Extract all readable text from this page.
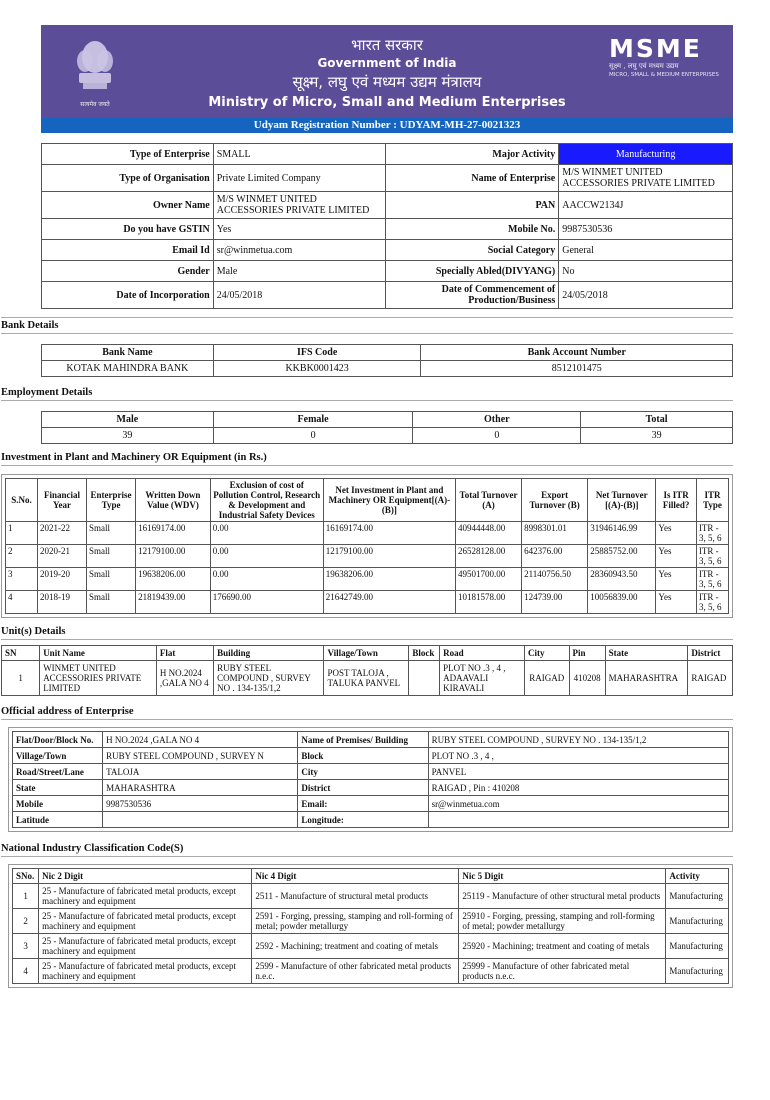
सत्यमेव जयते
भारत सरकार
Government of India
सूक्ष्म, लघु एवं मध्यम उद्यम मंत्रालय
Ministry of Micro, Small and Medium Enterprises
MSME
सूक्ष्म , लघु एवं मध्यम उद्यम
MICRO, SMALL & MEDIUM ENTERPRISES
Udyam Registration Number : UDYAM-MH-27-0021323
Type of Enterprise	SMALL	Major Activity	Manufacturing
Type of Organisation	Private Limited Company	Name of Enterprise	M/S WINMET UNITED ACCESSORIES PRIVATE LIMITED
Owner Name	M/S WINMET UNITED ACCESSORIES PRIVATE LIMITED	PAN	AACCW2134J
Do you have GSTIN	Yes	Mobile No.	9987530536
Email Id	sr@winmetua.com	Social Category	General
Gender	Male	Specially Abled(DIVYANG)	No
Date of Incorporation	24/05/2018	Date of Commencement of Production/Business	24/05/2018
Bank Details
Bank Name	IFS Code	Bank Account Number
KOTAK MAHINDRA BANK	KKBK0001423	8512101475
Employment Details
Male	Female	Other	Total
39	0	0	39
Investment in Plant and Machinery OR Equipment (in Rs.)
S.No.	Financial Year	Enterprise Type	Written Down Value (WDV)	Exclusion of cost of Pollution Control, Research & Development and Industrial Safety Devices	Net Investment in Plant and Machinery OR Equipment[(A)-(B)]	Total Turnover (A)	Export Turnover (B)	Net Turnover [(A)-(B)]	Is ITR Filled?	ITR Type
1	2021-22	Small	16169174.00	0.00	16169174.00	40944448.00	8998301.01	31946146.99	Yes	ITR - 3, 5, 6
2	2020-21	Small	12179100.00	0.00	12179100.00	26528128.00	642376.00	25885752.00	Yes	ITR - 3, 5, 6
3	2019-20	Small	19638206.00	0.00	19638206.00	49501700.00	21140756.50	28360943.50	Yes	ITR - 3, 5, 6
4	2018-19	Small	21819439.00	176690.00	21642749.00	10181578.00	124739.00	10056839.00	Yes	ITR - 3, 5, 6
Unit(s) Details
SN	Unit Name	Flat	Building	Village/Town	Block	Road	City	Pin	State	District
1	WINMET UNITED ACCESSORIES PRIVATE LIMITED	H NO.2024 ,GALA NO 4	RUBY STEEL COMPOUND , SURVEY NO . 134-135/1,2	POST TALOJA , TALUKA PANVEL		PLOT NO .3 , 4 , ADAAVALI KIRAVALI	RAIGAD	410208	MAHARASHTRA	RAIGAD
Official address of Enterprise
Flat/Door/Block No.	H NO.2024 ,GALA NO 4	Name of Premises/ Building	RUBY STEEL COMPOUND , SURVEY NO . 134-135/1,2
Village/Town	RUBY STEEL COMPOUND , SURVEY N	Block	PLOT NO .3 , 4 ,
Road/Street/Lane	TALOJA	City	PANVEL
State	MAHARASHTRA	District	RAIGAD , Pin : 410208
Mobile	9987530536	Email:	sr@winmetua.com
Latitude		Longitude:	
National Industry Classification Code(S)
SNo.	Nic 2 Digit	Nic 4 Digit	Nic 5 Digit	Activity
1	25 - Manufacture of fabricated metal products, except machinery and equipment	2511 - Manufacture of structural metal products	25119 - Manufacture of other structural metal products	Manufacturing
2	25 - Manufacture of fabricated metal products, except machinery and equipment	2591 - Forging, pressing, stamping and roll-forming of metal; powder metallurgy	25910 - Forging, pressing, stamping and roll-forming of metal; powder metallurgy	Manufacturing
3	25 - Manufacture of fabricated metal products, except machinery and equipment	2592 - Machining; treatment and coating of metals	25920 - Machining; treatment and coating of metals	Manufacturing
4	25 - Manufacture of fabricated metal products, except machinery and equipment	2599 - Manufacture of other fabricated metal products n.e.c.	25999 - Manufacture of other fabricated metal products n.e.c.	Manufacturing
